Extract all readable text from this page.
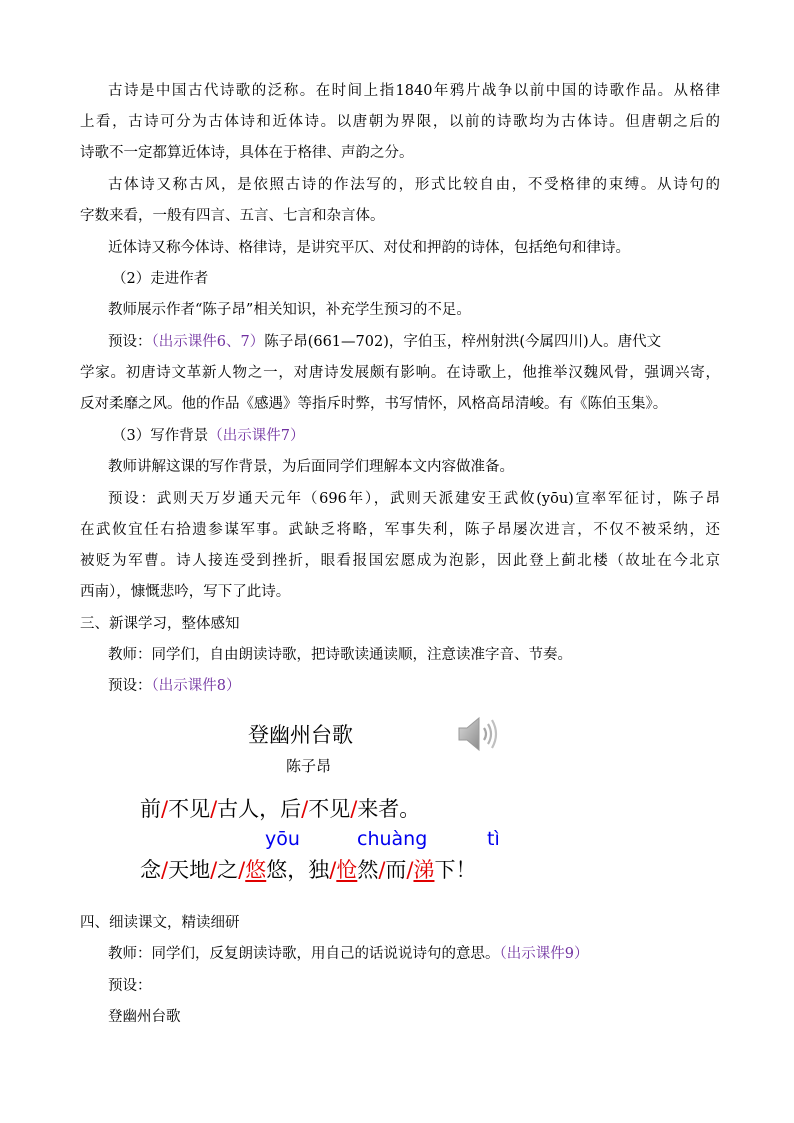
古诗是中国古代诗歌的泛称。在时间上指1840年鸦片战争以前中国的诗歌作品。从格律
上看，古诗可分为古体诗和近体诗。以唐朝为界限，以前的诗歌均为古体诗。但唐朝之后的
诗歌不一定都算近体诗，具体在于格律、声韵之分。
古体诗又称古风，是依照古诗的作法写的，形式比较自由，不受格律的束缚。从诗句的
字数来看，一般有四言、五言、七言和杂言体。
近体诗又称今体诗、格律诗，是讲究平仄、对仗和押韵的诗体，包括绝句和律诗。
（2）走进作者
教师展示作者“陈子昂”相关知识，补充学生预习的不足。
预设：（出示课件6、7）陈子昂(661—702)，字伯玉，梓州射洪(今属四川)人。唐代文
学家。初唐诗文革新人物之一，对唐诗发展颇有影响。在诗歌上，他推举汉魏风骨，强调兴寄，
反对柔靡之风。他的作品《感遇》等指斥时弊，书写情怀，风格高昂清峻。有《陈伯玉集》。
（3）写作背景（出示课件7）
教师讲解这课的写作背景，为后面同学们理解本文内容做准备。
预设：武则天万岁通天元年（696年），武则天派建安王武攸(yōu)宣率军征讨，陈子昂
在武攸宜任右拾遗参谋军事。武缺乏将略，军事失利，陈子昂屡次进言，不仅不被采纳，还
被贬为军曹。诗人接连受到挫折，眼看报国宏愿成为泡影，因此登上蓟北楼（故址在今北京
西南），慷慨悲吟，写下了此诗。
三、新课学习，整体感知
教师：同学们，自由朗读诗歌，把诗歌读通读顺，注意读准字音、节奏。
预设：（出示课件8）
登幽州台歌
陈子昂
前/不见/古人，后/不见/来者。
yōu	chuàng	tì
念/天地/之/悠悠，独/怆然/而/涕下！
四、细读课文，精读细研
教师：同学们，反复朗读诗歌，用自己的话说说诗句的意思。（出示课件9）
预设：
登幽州台歌
